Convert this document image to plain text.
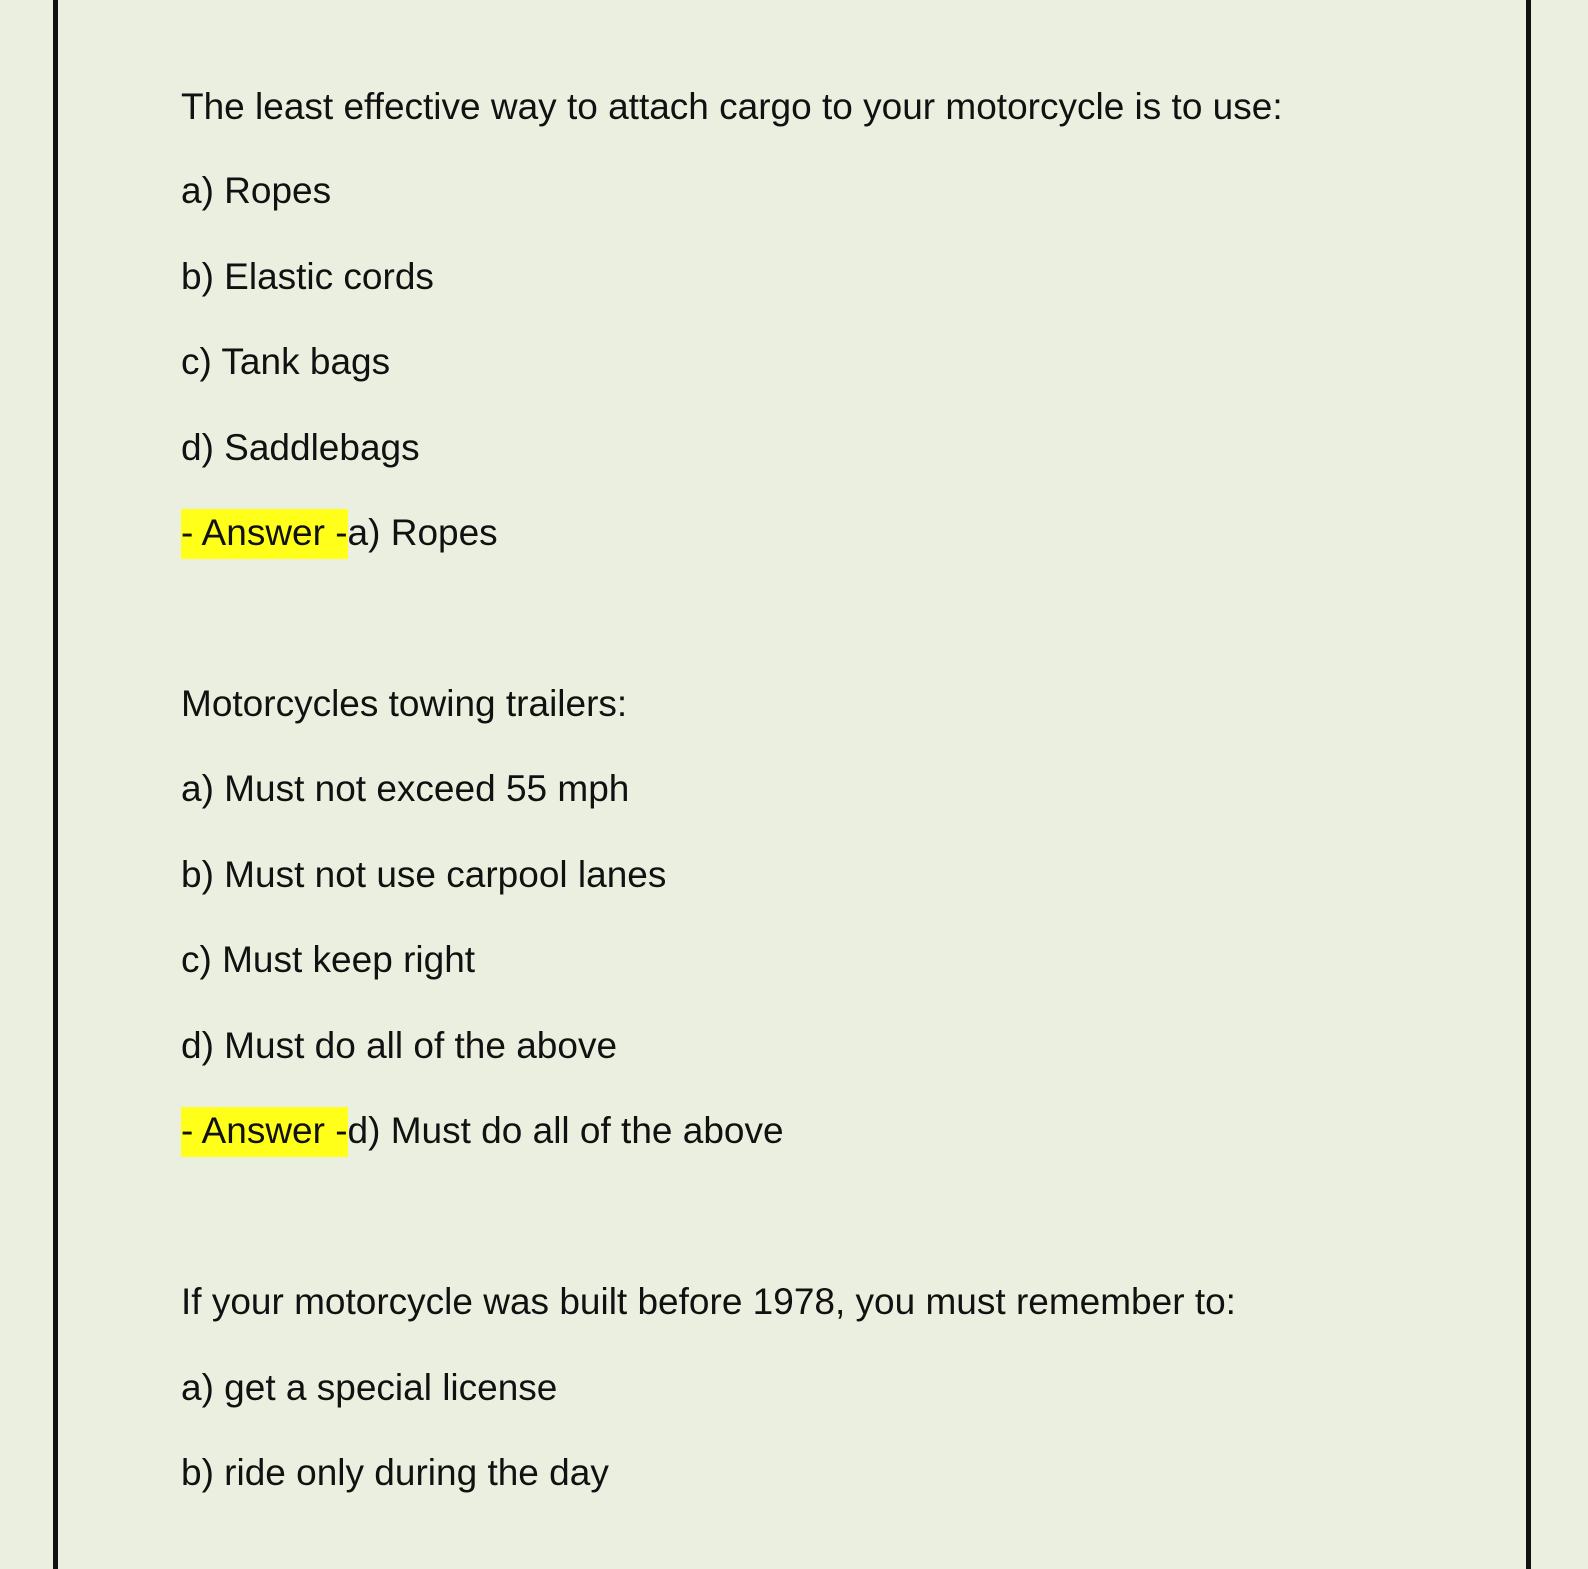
The least effective way to attach cargo to your motorcycle is to use:
a) Ropes
b) Elastic cords
c) Tank bags
d) Saddlebags
- Answer -a) Ropes
Motorcycles towing trailers:
a) Must not exceed 55 mph
b) Must not use carpool lanes
c) Must keep right
d) Must do all of the above
- Answer -d) Must do all of the above
If your motorcycle was built before 1978, you must remember to:
a) get a special license
b) ride only during the day
